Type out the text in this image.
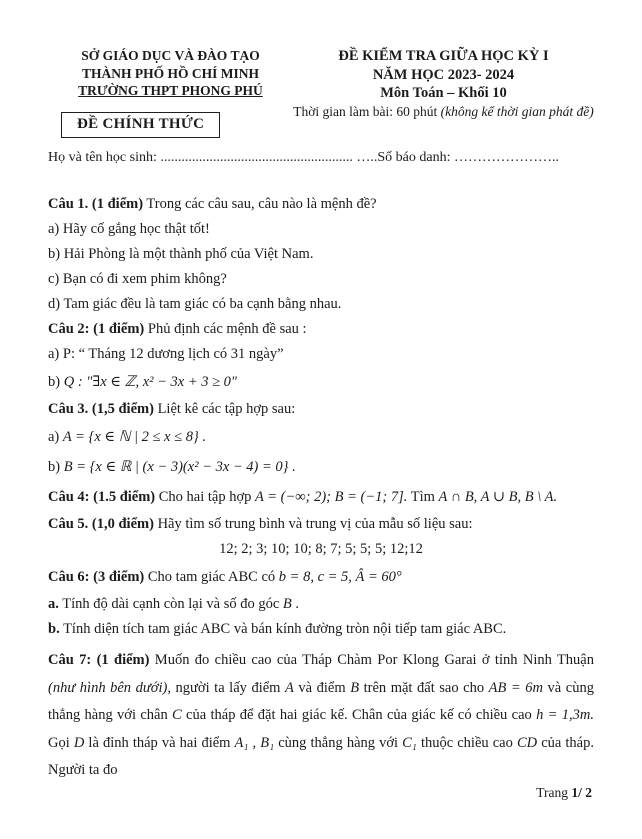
SỞ GIÁO DỤC VÀ ĐÀO TẠO
THÀNH PHỐ HỒ CHÍ MINH
TRƯỜNG THPT PHONG PHÚ
ĐỀ CHÍNH THỨC
ĐỀ KIỂM TRA GIỮA HỌC KỲ I
NĂM HỌC 2023- 2024
Môn Toán – Khối 10
Thời gian làm bài: 60 phút (không kể thời gian phát đề)
Họ và tên học sinh: ....................................................... …..Số báo danh: …………………..
Câu 1. (1 điểm) Trong các câu sau, câu nào là mệnh đề?
a) Hãy cố gắng học thật tốt!
b) Hải Phòng là một thành phố của Việt Nam.
c) Bạn có đi xem phim không?
d) Tam giác đều là tam giác có ba cạnh bằng nhau.
Câu 2: (1 điểm) Phủ định các mệnh đề sau :
a) P: “ Tháng 12 dương lịch có 31 ngày”
b) Q : "∃x ∈ ℤ, x² − 3x + 3 ≥ 0"
Câu 3. (1,5 điểm) Liệt kê các tập hợp sau:
a) A = {x ∈ ℕ | 2 ≤ x ≤ 8} .
b) B = {x ∈ ℝ | (x − 3)(x² − 3x − 4) = 0} .
Câu 4: (1.5 điểm) Cho hai tập hợp A = (−∞; 2); B = (−1; 7]. Tìm A ∩ B, A ∪ B, B \ A.
Câu 5. (1,0 điểm) Hãy tìm số trung bình và trung vị của mẫu số liệu sau:
12; 2; 3; 10; 10; 8; 7; 5; 5; 5; 12;12
Câu 6: (3 điểm) Cho tam giác ABC có b = 8, c = 5, Â = 60°
a. Tính độ dài cạnh còn lại và số đo góc B .
b. Tính diện tích tam giác ABC và bán kính đường tròn nội tiếp tam giác ABC.
Câu 7: (1 điểm) Muốn đo chiều cao của Tháp Chàm Por Klong Garai ở tỉnh Ninh Thuận (như hình bên dưới), người ta lấy điểm A và điểm B trên mặt đất sao cho AB = 6m và cùng thẳng hàng với chân C của tháp để đặt hai giác kế. Chân của giác kế có chiều cao h = 1,3m. Gọi D là đỉnh tháp và hai điểm A₁ , B₁ cùng thẳng hàng với C₁ thuộc chiều cao CD của tháp. Người ta đo
Trang 1/ 2
